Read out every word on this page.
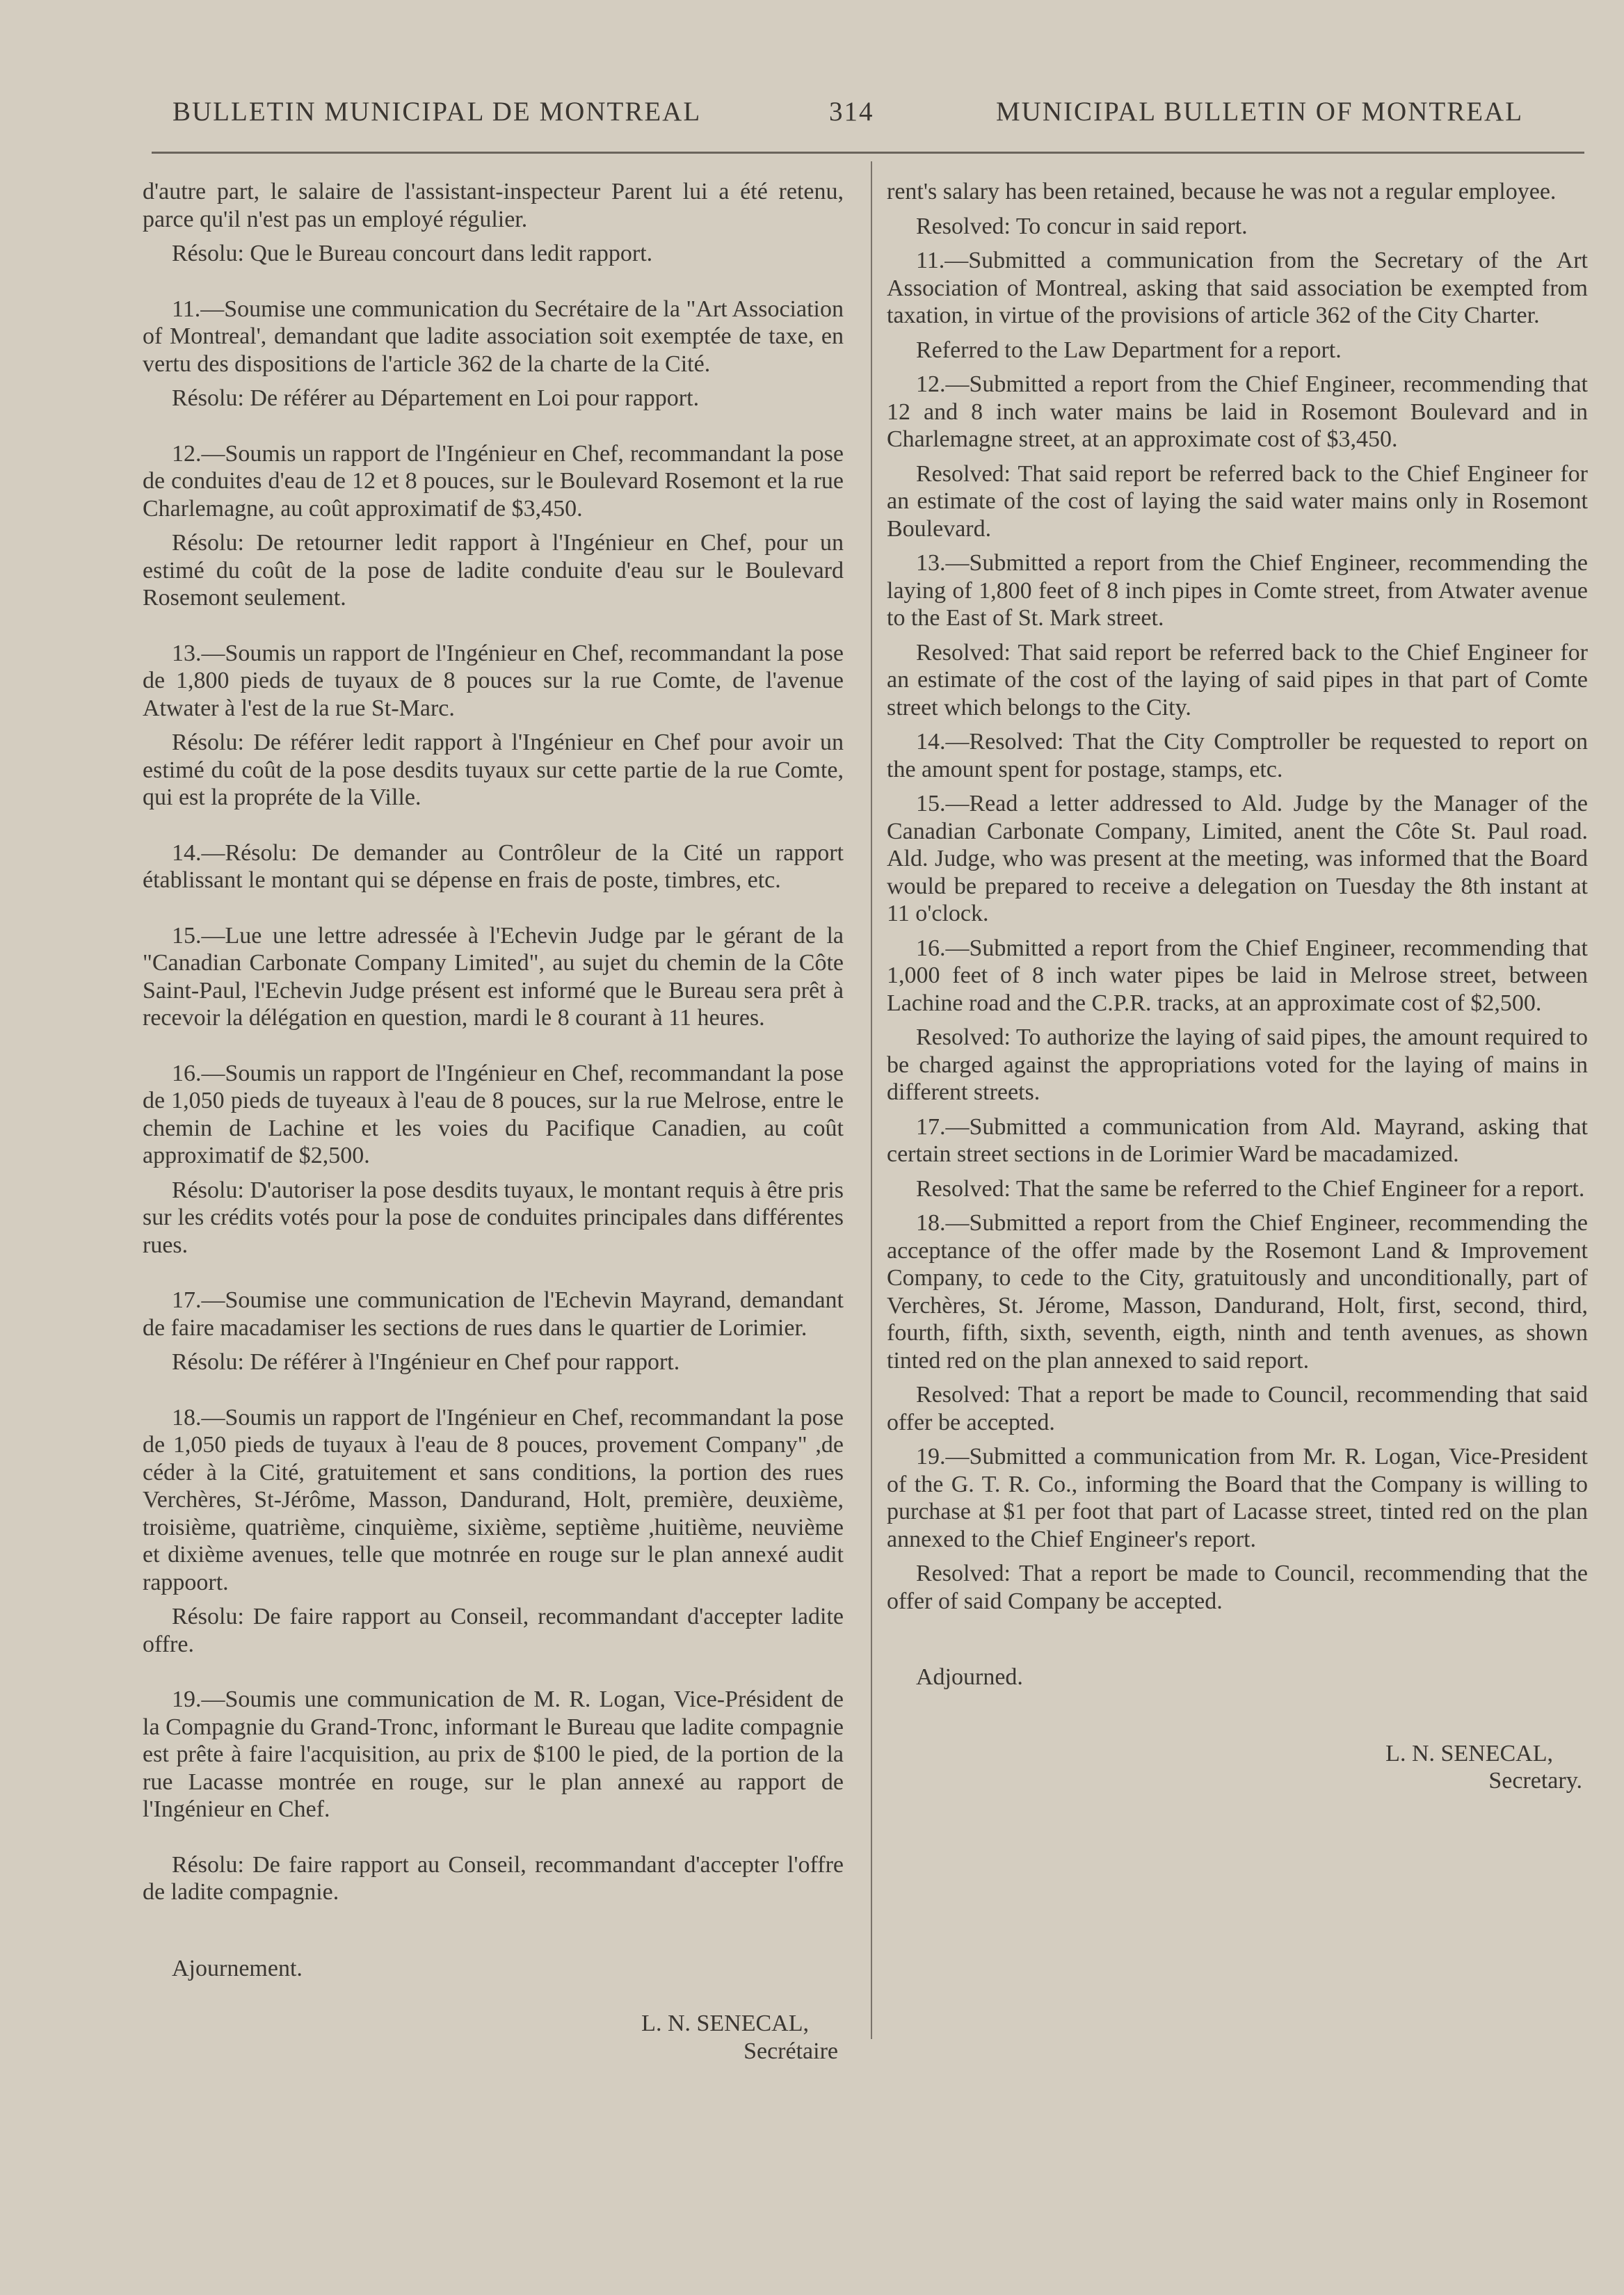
BULLETIN MUNICIPAL DE MONTREAL	314	MUNICIPAL BULLETIN OF MONTREAL

d'autre part, le salaire de l'assistant-inspecteur Parent lui a été retenu, parce qu'il n'est pas un employé régulier.

Résolu: Que le Bureau concourt dans ledit rapport.

11.—Soumise une communication du Secrétaire de la "Art Association of Montreal', demandant que ladite association soit exemptée de taxe, en vertu des dispositions de l'article 362 de la charte de la Cité.

Résolu: De référer au Département en Loi pour rapport.

12.—Soumis un rapport de l'Ingénieur en Chef, recommandant la pose de conduites d'eau de 12 et 8 pouces, sur le Boulevard Rosemont et la rue Charlemagne, au coût approximatif de $3,450.

Résolu: De retourner ledit rapport à l'Ingénieur en Chef, pour un estimé du coût de la pose de ladite conduite d'eau sur le Boulevard Rosemont seulement.

13.—Soumis un rapport de l'Ingénieur en Chef, recommandant la pose de 1,800 pieds de tuyaux de 8 pouces sur la rue Comte, de l'avenue Atwater à l'est de la rue St-Marc.

Résolu: De référer ledit rapport à l'Ingénieur en Chef pour avoir un estimé du coût de la pose desdits tuyaux sur cette partie de la rue Comte, qui est la propréte de la Ville.

14.—Résolu: De demander au Contrôleur de la Cité un rapport établissant le montant qui se dépense en frais de poste, timbres, etc.

15.—Lue une lettre adressée à l'Echevin Judge par le gérant de la "Canadian Carbonate Company Limited", au sujet du chemin de la Côte Saint-Paul, l'Echevin Judge présent est informé que le Bureau sera prêt à recevoir la délégation en question, mardi le 8 courant à 11 heures.

16.—Soumis un rapport de l'Ingénieur en Chef, recommandant la pose de 1,050 pieds de tuyeaux à l'eau de 8 pouces, sur la rue Melrose, entre le chemin de Lachine et les voies du Pacifique Canadien, au coût approximatif de $2,500.

Résolu: D'autoriser la pose desdits tuyaux, le montant requis à être pris sur les crédits votés pour la pose de conduites principales dans différentes rues.

17.—Soumise une communication de l'Echevin Mayrand, demandant de faire macadamiser les sections de rues dans le quartier de Lorimier.

Résolu: De référer à l'Ingénieur en Chef pour rapport.

18.—Soumis un rapport de l'Ingénieur en Chef, recommandant la pose de 1,050 pieds de tuyaux à l'eau de 8 pouces, provement Company" ,de céder à la Cité, gratuitement et sans conditions, la portion des rues Verchères, St-Jérôme, Masson, Dandurand, Holt, première, deuxième, troisième, quatrième, cinquième, sixième, septième ,huitième, neuvième et dixième avenues, telle que motnrée en rouge sur le plan annexé audit rappoort.

Résolu: De faire rapport au Conseil, recommandant d'accepter ladite offre.

19.—Soumis une communication de M. R. Logan, Vice-Président de la Compagnie du Grand-Tronc, informant le Bureau que ladite compagnie est prête à faire l'acquisition, au prix de $100 le pied, de la portion de la rue Lacasse montrée en rouge, sur le plan annexé au rapport de l'Ingénieur en Chef.

Résolu: De faire rapport au Conseil, recommandant d'accepter l'offre de ladite compagnie.

Ajournement.

L. N. SENECAL,

Secrétaire

rent's salary has been retained, because he was not a regular employee.

Resolved: To concur in said report.

11.—Submitted a communication from the Secretary of the Art Association of Montreal, asking that said association be exempted from taxation, in virtue of the provisions of article 362 of the City Charter.

Referred to the Law Department for a report.

12.—Submitted a report from the Chief Engineer, recommending that 12 and 8 inch water mains be laid in Rosemont Boulevard and in Charlemagne street, at an approximate cost of $3,450.

Resolved: That said report be referred back to the Chief Engineer for an estimate of the cost of laying the said water mains only in Rosemont Boulevard.

13.—Submitted a report from the Chief Engineer, recommending the laying of 1,800 feet of 8 inch pipes in Comte street, from Atwater avenue to the East of St. Mark street.

Resolved: That said report be referred back to the Chief Engineer for an estimate of the cost of the laying of said pipes in that part of Comte street which belongs to the City.

14.—Resolved: That the City Comptroller be requested to report on the amount spent for postage, stamps, etc.

15.—Read a letter addressed to Ald. Judge by the Manager of the Canadian Carbonate Company, Limited, anent the Côte St. Paul road. Ald. Judge, who was present at the meeting, was informed that the Board would be prepared to receive a delegation on Tuesday the 8th instant at 11 o'clock.

16.—Submitted a report from the Chief Engineer, recommending that 1,000 feet of 8 inch water pipes be laid in Melrose street, between Lachine road and the C.P.R. tracks, at an approximate cost of $2,500.

Resolved: To authorize the laying of said pipes, the amount required to be charged against the appropriations voted for the laying of mains in different streets.

17.—Submitted a communication from Ald. Mayrand, asking that certain street sections in de Lorimier Ward be macadamized.

Resolved: That the same be referred to the Chief Engineer for a report.

18.—Submitted a report from the Chief Engineer, recommending the acceptance of the offer made by the Rosemont Land & Improvement Company, to cede to the City, gratuitously and unconditionally, part of Verchères, St. Jérome, Masson, Dandurand, Holt, first, second, third, fourth, fifth, sixth, seventh, eigth, ninth and tenth avenues, as shown tinted red on the plan annexed to said report.

Resolved: That a report be made to Council, recommending that said offer be accepted.

19.—Submitted a communication from Mr. R. Logan, Vice-President of the G. T. R. Co., informing the Board that the Company is willing to purchase at $1 per foot that part of Lacasse street, tinted red on the plan annexed to the Chief Engineer's report.

Resolved: That a report be made to Council, recommending that the offer of said Company be accepted.

Adjourned.

L. N. SENECAL,

Secretary.
